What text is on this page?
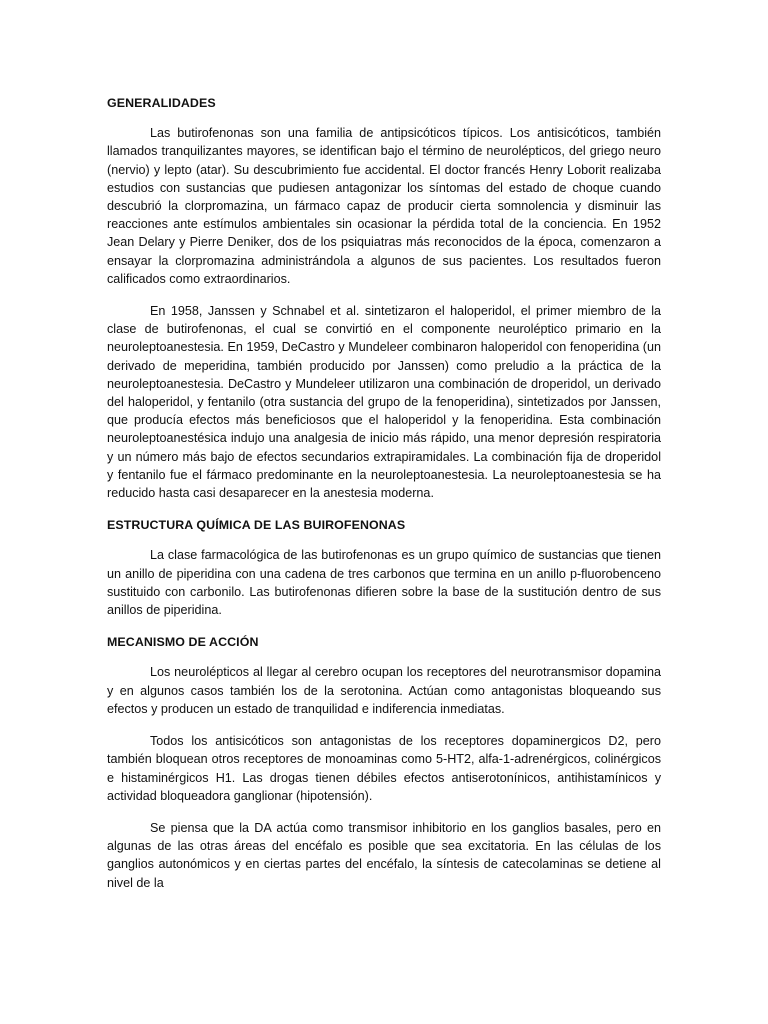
GENERALIDADES

Las butirofenonas son una familia de antipsicóticos típicos. Los antisicóticos, también llamados tranquilizantes mayores, se identifican bajo el término de neurolépticos, del griego neuro (nervio) y lepto (atar). Su descubrimiento fue accidental. El doctor francés Henry Loborit realizaba estudios con sustancias que pudiesen antagonizar los síntomas del estado de choque cuando descubrió la clorpromazina, un fármaco capaz de producir cierta somnolencia y disminuir las reacciones ante estímulos ambientales sin ocasionar la pérdida total de la conciencia. En 1952 Jean Delary y Pierre Deniker, dos de los psiquiatras más reconocidos de la época, comenzaron a ensayar la clorpromazina administrándola a algunos de sus pacientes. Los resultados fueron calificados como extraordinarios.

En 1958, Janssen y Schnabel et al. sintetizaron el haloperidol, el primer miembro de la clase de butirofenonas, el cual se convirtió en el componente neuroléptico primario en la neuroleptoanestesia. En 1959, DeCastro y Mundeleer combinaron haloperidol con fenoperidina (un derivado de meperidina, también producido por Janssen) como preludio a la práctica de la neuroleptoanestesia. DeCastro y Mundeleer utilizaron una combinación de droperidol, un derivado del haloperidol, y fentanilo (otra sustancia del grupo de la fenoperidina), sintetizados por Janssen, que producía efectos más beneficiosos que el haloperidol y la fenoperidina. Esta combinación neuroleptoanestésica indujo una analgesia de inicio más rápido, una menor depresión respiratoria y un número más bajo de efectos secundarios extrapiramidales. La combinación fija de droperidol y fentanilo fue el fármaco predominante en la neuroleptoanestesia. La neuroleptoanestesia se ha reducido hasta casi desaparecer en la anestesia moderna.

ESTRUCTURA QUÍMICA DE LAS BUIROFENONAS

La clase farmacológica de las butirofenonas es un grupo químico de sustancias que tienen un anillo de piperidina con una cadena de tres carbonos que termina en un anillo p-fluorobenceno sustituido con carbonilo. Las butirofenonas difieren sobre la base de la sustitución dentro de sus anillos de piperidina.

MECANISMO DE ACCIÓN

Los neurolépticos al llegar al cerebro ocupan los receptores del neurotransmisor dopamina y en algunos casos también los de la serotonina. Actúan como antagonistas bloqueando sus efectos y producen un estado de tranquilidad e indiferencia inmediatas.

Todos los antisicóticos son antagonistas de los receptores dopaminergicos D2, pero también bloquean otros receptores de monoaminas como 5-HT2, alfa-1-adrenérgicos, colinérgicos e histaminérgicos H1. Las drogas tienen débiles efectos antiserotonínicos, antihistamínicos y actividad bloqueadora ganglionar (hipotensión).

Se piensa que la DA actúa como transmisor inhibitorio en los ganglios basales, pero en algunas de las otras áreas del encéfalo es posible que sea excitatoria. En las células de los ganglios autonómicos y en ciertas partes del encéfalo, la síntesis de catecolaminas se detiene al nivel de la
